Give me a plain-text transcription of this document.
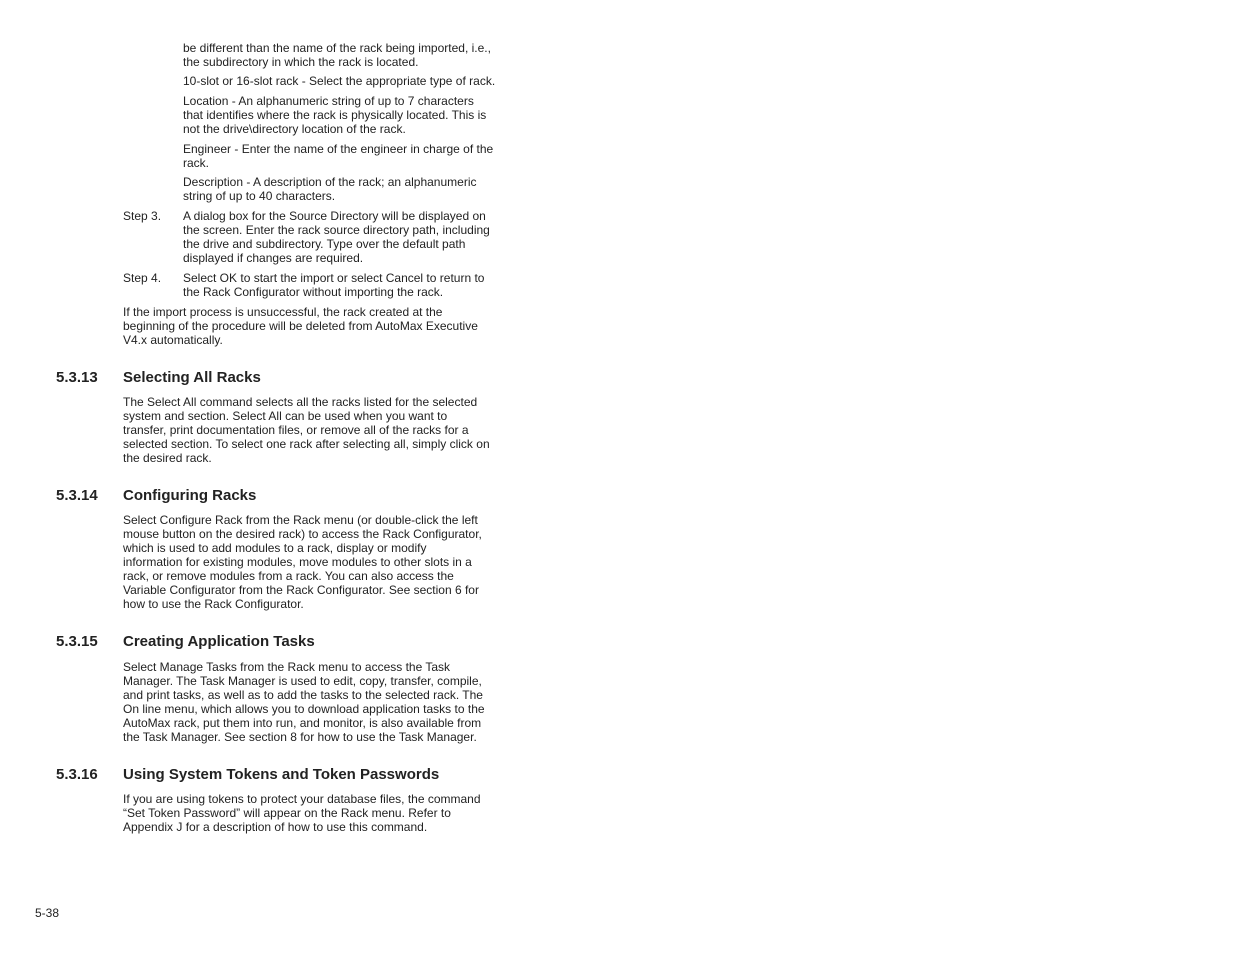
be different than the name of the rack being imported, i.e.,
the subdirectory in which the rack is located.

10-slot or 16-slot rack - Select the appropriate type of rack.

Location - An alphanumeric string of up to 7 characters
that identifies where the rack is physically located. This is
not the drive\directory location of the rack.

Engineer - Enter the name of the engineer in charge of the
rack.

Description - A description of the rack; an alphanumeric
string of up to 40 characters.

Step 3. A dialog box for the Source Directory will be displayed on
the screen. Enter the rack source directory path, including
the drive and subdirectory. Type over the default path
displayed if changes are required.

Step 4. Select OK to start the import or select Cancel to return to
the Rack Configurator without importing the rack.

If the import process is unsuccessful, the rack created at the
beginning of the procedure will be deleted from AutoMax Executive
V4.x automatically.

5.3.13 Selecting All Racks

The Select All command selects all the racks listed for the selected
system and section. Select All can be used when you want to
transfer, print documentation files, or remove all of the racks for a
selected section. To select one rack after selecting all, simply click on
the desired rack.

5.3.14 Configuring Racks

Select Configure Rack from the Rack menu (or double-click the left
mouse button on the desired rack) to access the Rack Configurator,
which is used to add modules to a rack, display or modify
information for existing modules, move modules to other slots in a
rack, or remove modules from a rack. You can also access the
Variable Configurator from the Rack Configurator. See section 6 for
how to use the Rack Configurator.

5.3.15 Creating Application Tasks

Select Manage Tasks from the Rack menu to access the Task
Manager. The Task Manager is used to edit, copy, transfer, compile,
and print tasks, as well as to add the tasks to the selected rack. The
On line menu, which allows you to download application tasks to the
AutoMax rack, put them into run, and monitor, is also available from
the Task Manager. See section 8 for how to use the Task Manager.

5.3.16 Using System Tokens and Token Passwords

If you are using tokens to protect your database files, the command
“Set Token Password” will appear on the Rack menu. Refer to
Appendix J for a description of how to use this command.

5-38
